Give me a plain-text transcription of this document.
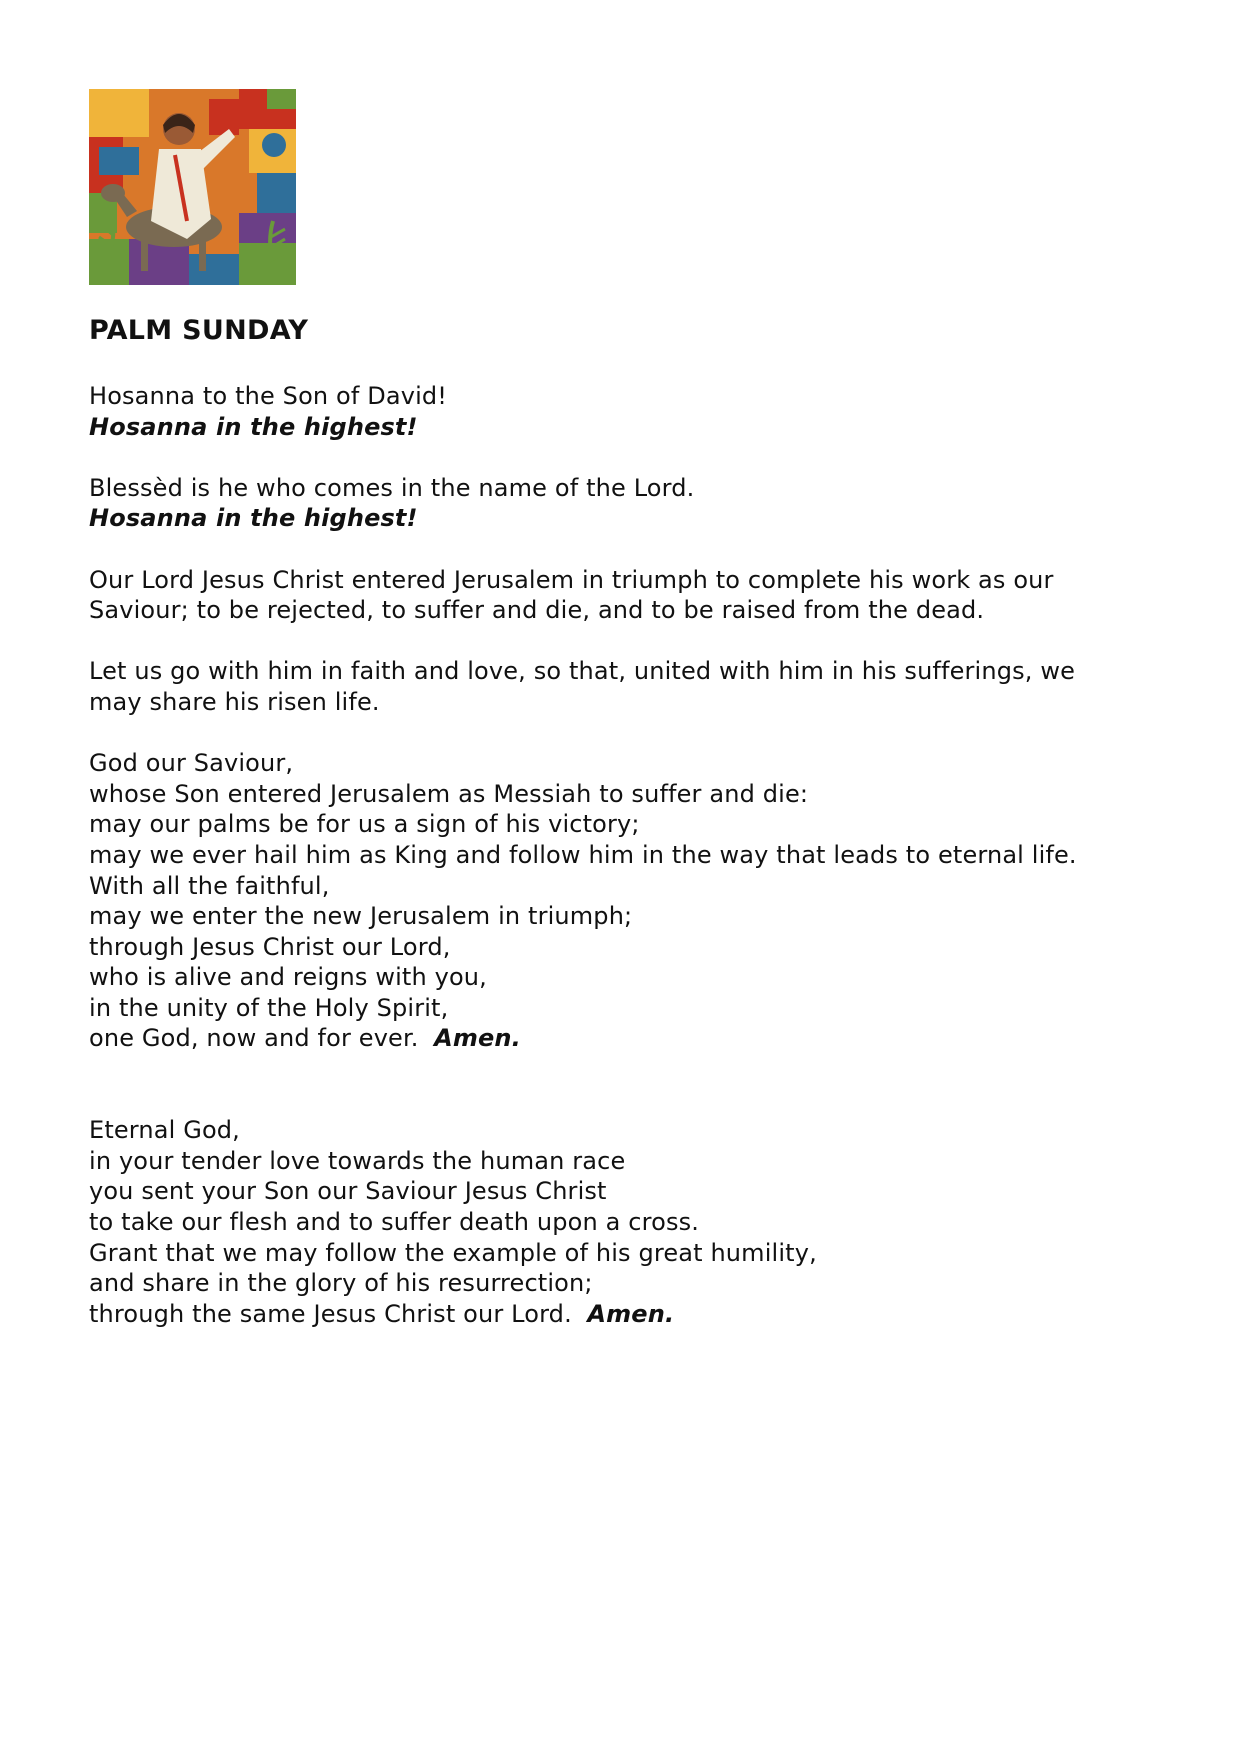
PALM SUNDAY

Hosanna to the Son of David!
Hosanna in the highest!

Blessèd is he who comes in the name of the Lord.
Hosanna in the highest!

Our Lord Jesus Christ entered Jerusalem in triumph to complete his work as our
Saviour; to be rejected, to suffer and die, and to be raised from the dead.

Let us go with him in faith and love, so that, united with him in his sufferings, we
may share his risen life.

God our Saviour,
whose Son entered Jerusalem as Messiah to suffer and die:
may our palms be for us a sign of his victory;
may we ever hail him as King and follow him in the way that leads to eternal life.
With all the faithful,
may we enter the new Jerusalem in triumph;
through Jesus Christ our Lord,
who is alive and reigns with you,
in the unity of the Holy Spirit,
one God, now and for ever. Amen.

Eternal God,
in your tender love towards the human race
you sent your Son our Saviour Jesus Christ
to take our flesh and to suffer death upon a cross.
Grant that we may follow the example of his great humility,
and share in the glory of his resurrection;
through the same Jesus Christ our Lord. Amen.
